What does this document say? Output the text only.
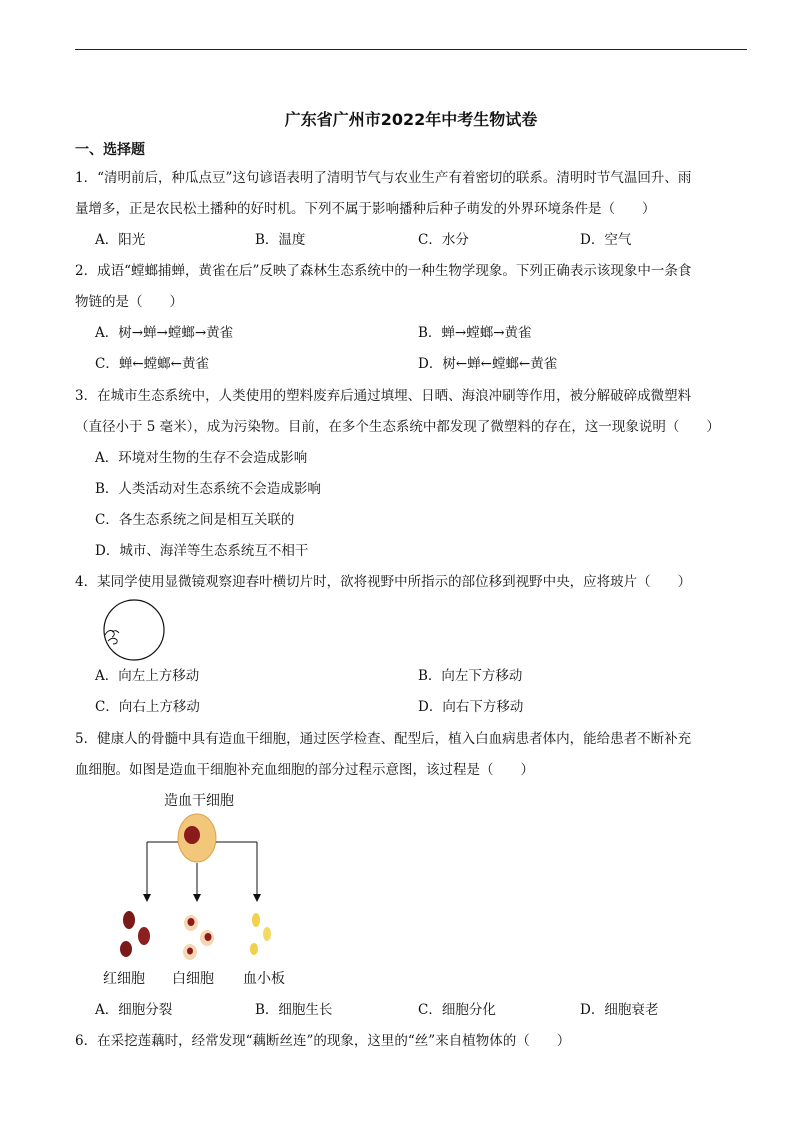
广东省广州市2022年中考生物试卷
一、选择题
1．“清明前后，种瓜点豆”这句谚语表明了清明节气与农业生产有着密切的联系。清明时节气温回升、雨
量增多，正是农民松土播种的好时机。下列不属于影响播种后种子萌发的外界环境条件是（　　）
A．阳光	B．温度	C．水分	D．空气
2．成语“螳螂捕蝉，黄雀在后”反映了森林生态系统中的一种生物学现象。下列正确表示该现象中一条食
物链的是（　　）
A．树→蝉→螳螂→黄雀	B．蝉→螳螂→黄雀
C．蝉←螳螂←黄雀	D．树←蝉←螳螂←黄雀
3．在城市生态系统中，人类使用的塑料废弃后通过填埋、日晒、海浪冲刷等作用，被分解破碎成微塑料
（直径小于 5 毫米），成为污染物。目前，在多个生态系统中都发现了微塑料的存在，这一现象说明（　　）
A．环境对生物的生存不会造成影响
B．人类活动对生态系统不会造成影响
C．各生态系统之间是相互关联的
D．城市、海洋等生态系统互不相干
4．某同学使用显微镜观察迎春叶横切片时，欲将视野中所指示的部位移到视野中央，应将玻片（　　）
A．向左上方移动	B．向左下方移动
C．向右上方移动	D．向右下方移动
5．健康人的骨髓中具有造血干细胞，通过医学检查、配型后，植入白血病患者体内，能给患者不断补充
血细胞。如图是造血干细胞补充血细胞的部分过程示意图，该过程是（　　）
造血干细胞
红细胞 白细胞 血小板
A．细胞分裂	B．细胞生长	C．细胞分化	D．细胞衰老
6．在采挖莲藕时，经常发现“藕断丝连”的现象，这里的“丝”来自植物体的（　　）
